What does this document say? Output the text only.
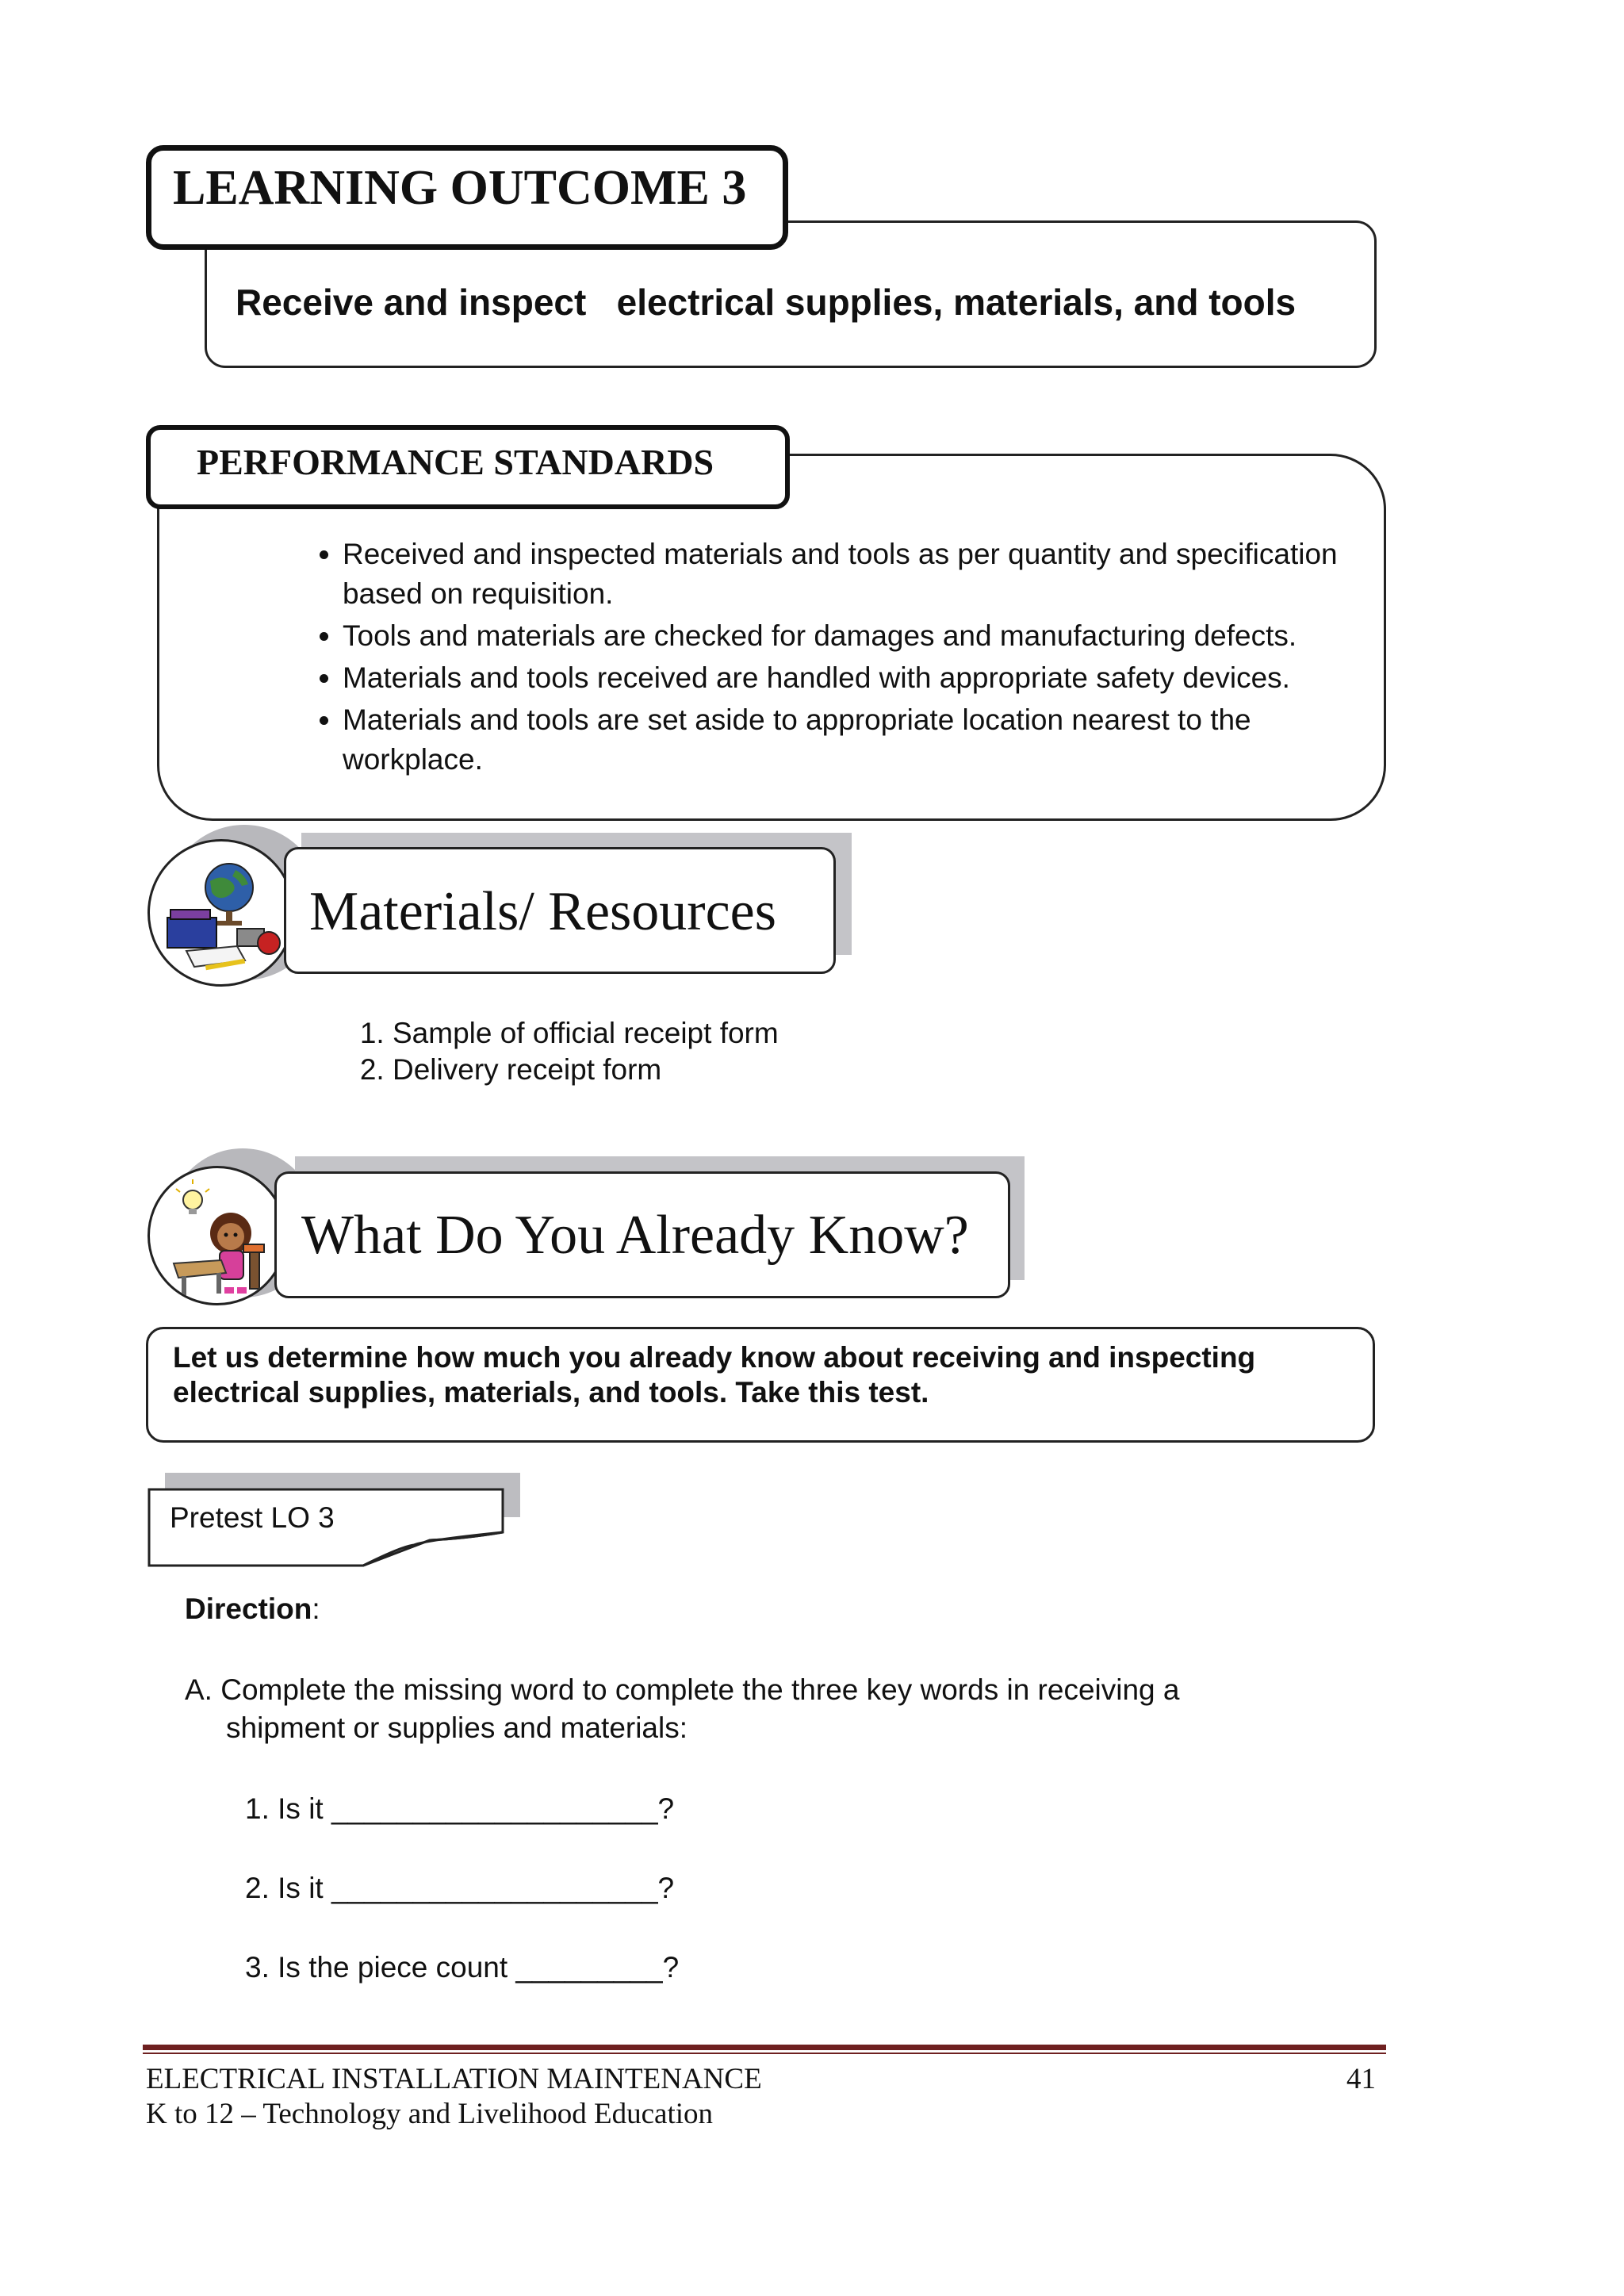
Receive and inspect   electrical supplies, materials, and tools
LEARNING OUTCOME 3
PERFORMANCE STANDARDS
• Received and inspected materials and tools as per quantity and specification based on requisition.
• Tools and materials are checked for damages and manufacturing defects.
• Materials and tools received are handled with appropriate safety devices.
• Materials and tools are set aside to appropriate location nearest to the workplace.
Materials/ Resources
1. Sample of official receipt form
2. Delivery receipt form
What Do You Already Know?
Let us determine how much you already know about receiving and inspecting electrical supplies, materials, and tools. Take this test.
Pretest LO 3
Direction:
A. Complete the missing word to complete the three key words in receiving a
shipment or supplies and materials:
1. Is it ____________________?
2. Is it ____________________?
3. Is the piece count _________?
ELECTRICAL INSTALLATION MAINTENANCE
K to 12 – Technology and Livelihood Education
41
